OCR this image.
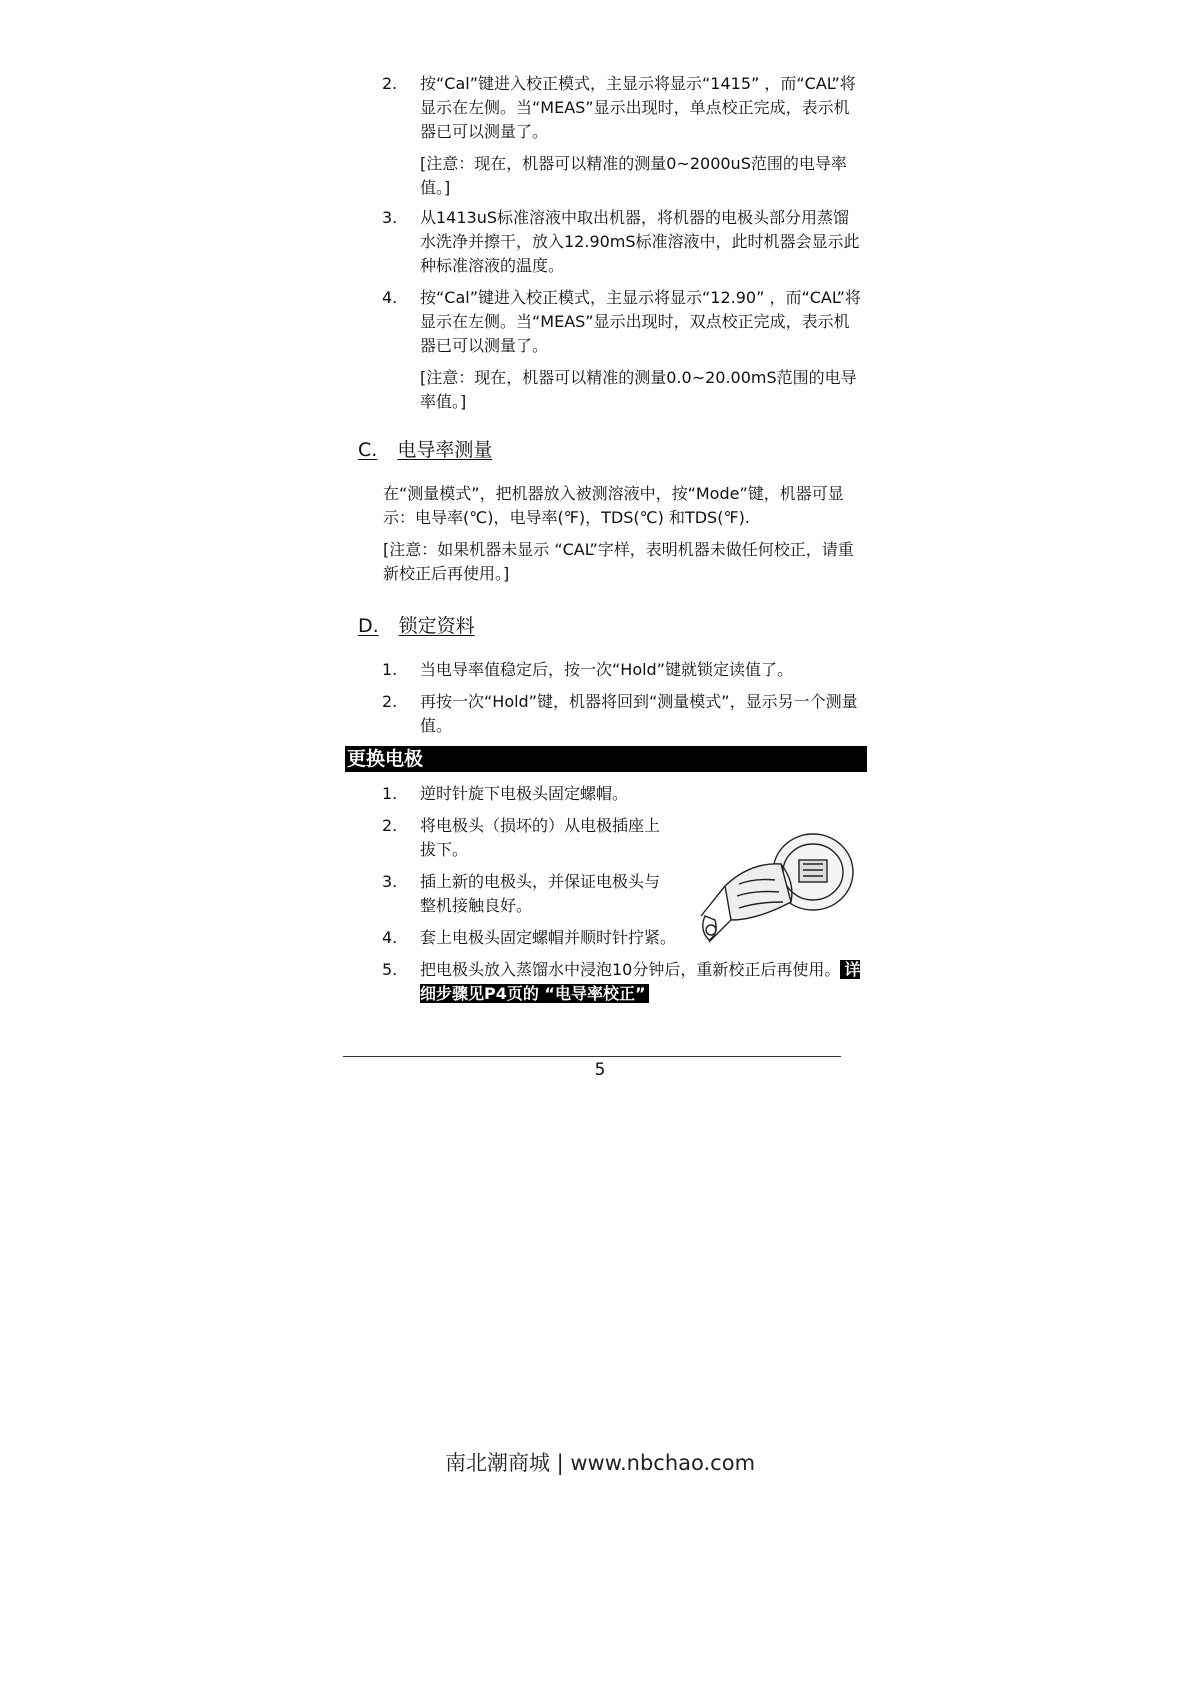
2. 按“Cal”键进入校正模式，主显示将显示“1415” ，而“CAL”将显示在左侧。当“MEAS”显示出现时，单点校正完成，表示机器已可以测量了。
[注意：现在，机器可以精准的测量0~2000uS范围的电导率值。]
3. 从1413uS标准溶液中取出机器，将机器的电极头部分用蒸馏水洗净并擦干，放入12.90mS标准溶液中，此时机器会显示此种标准溶液的温度。
4. 按“Cal”键进入校正模式，主显示将显示“12.90” ，而“CAL”将显示在左侧。当“MEAS”显示出现时，双点校正完成，表示机器已可以测量了。
[注意：现在，机器可以精准的测量0.0~20.00mS范围的电导率值。]
C. 电导率测量
在“测量模式”，把机器放入被测溶液中，按“Mode”键，机器可显示：电导率(℃)，电导率(℉)，TDS(℃) 和TDS(℉).
[注意：如果机器未显示 “CAL”字样，表明机器未做任何校正，请重新校正后再使用。]
D. 锁定资料
1. 当电导率值稳定后，按一次“Hold”键就锁定读值了。
2. 再按一次“Hold”键，机器将回到“测量模式”，显示另一个测量值。
更换电极
1. 逆时针旋下电极头固定螺帽。
2. 将电极头（损坏的）从电极插座上拔下。
3. 插上新的电极头，并保证电极头与整机接触良好。
4. 套上电极头固定螺帽并顺时针拧紧。
5. 把电极头放入蒸馏水中浸泡10分钟后，重新校正后再使用。 详细步骤见P4页的 “电导率校正”
5
南北潮商城 | www.nbchao.com
